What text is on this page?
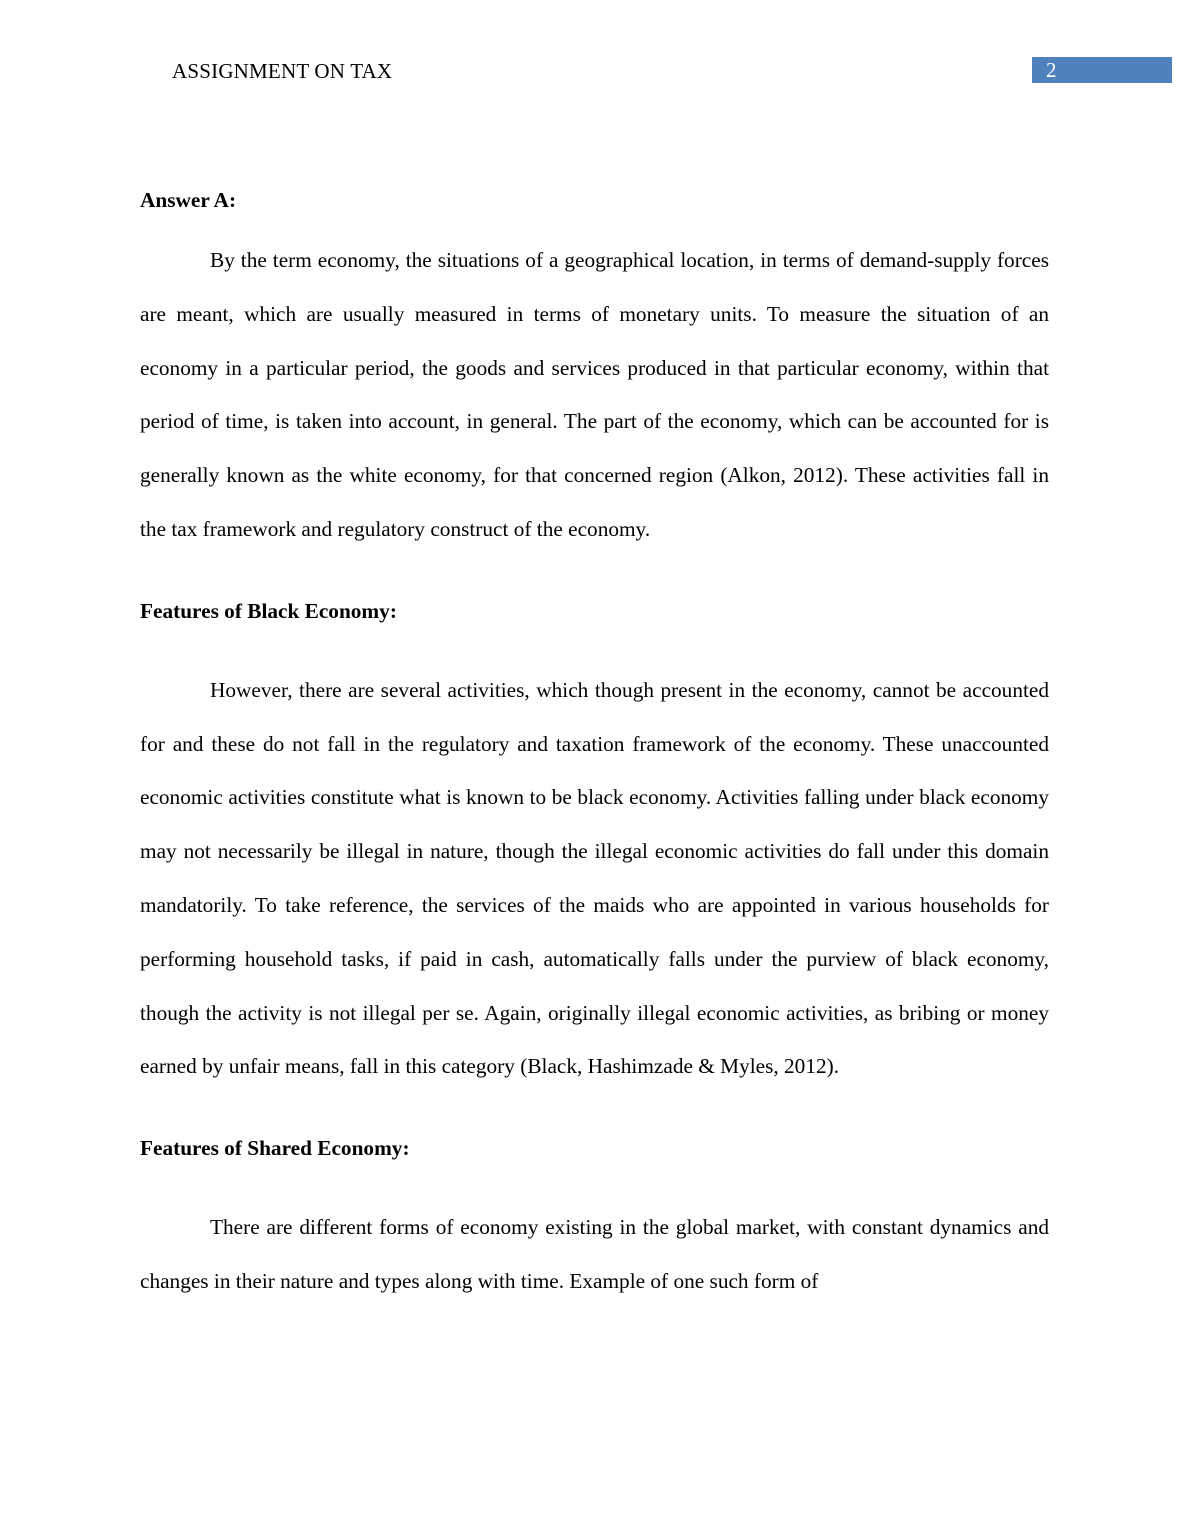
ASSIGNMENT ON TAX	2

Answer A:

By the term economy, the situations of a geographical location, in terms of demand-supply forces are meant, which are usually measured in terms of monetary units. To measure the situation of an economy in a particular period, the goods and services produced in that particular economy, within that period of time, is taken into account, in general. The part of the economy, which can be accounted for is generally known as the white economy, for that concerned region (Alkon, 2012). These activities fall in the tax framework and regulatory construct of the economy.

Features of Black Economy:

However, there are several activities, which though present in the economy, cannot be accounted for and these do not fall in the regulatory and taxation framework of the economy. These unaccounted economic activities constitute what is known to be black economy. Activities falling under black economy may not necessarily be illegal in nature, though the illegal economic activities do fall under this domain mandatorily. To take reference, the services of the maids who are appointed in various households for performing household tasks, if paid in cash, automatically falls under the purview of black economy, though the activity is not illegal per se. Again, originally illegal economic activities, as bribing or money earned by unfair means, fall in this category (Black, Hashimzade & Myles, 2012).

Features of Shared Economy:

There are different forms of economy existing in the global market, with constant dynamics and changes in their nature and types along with time. Example of one such form of
